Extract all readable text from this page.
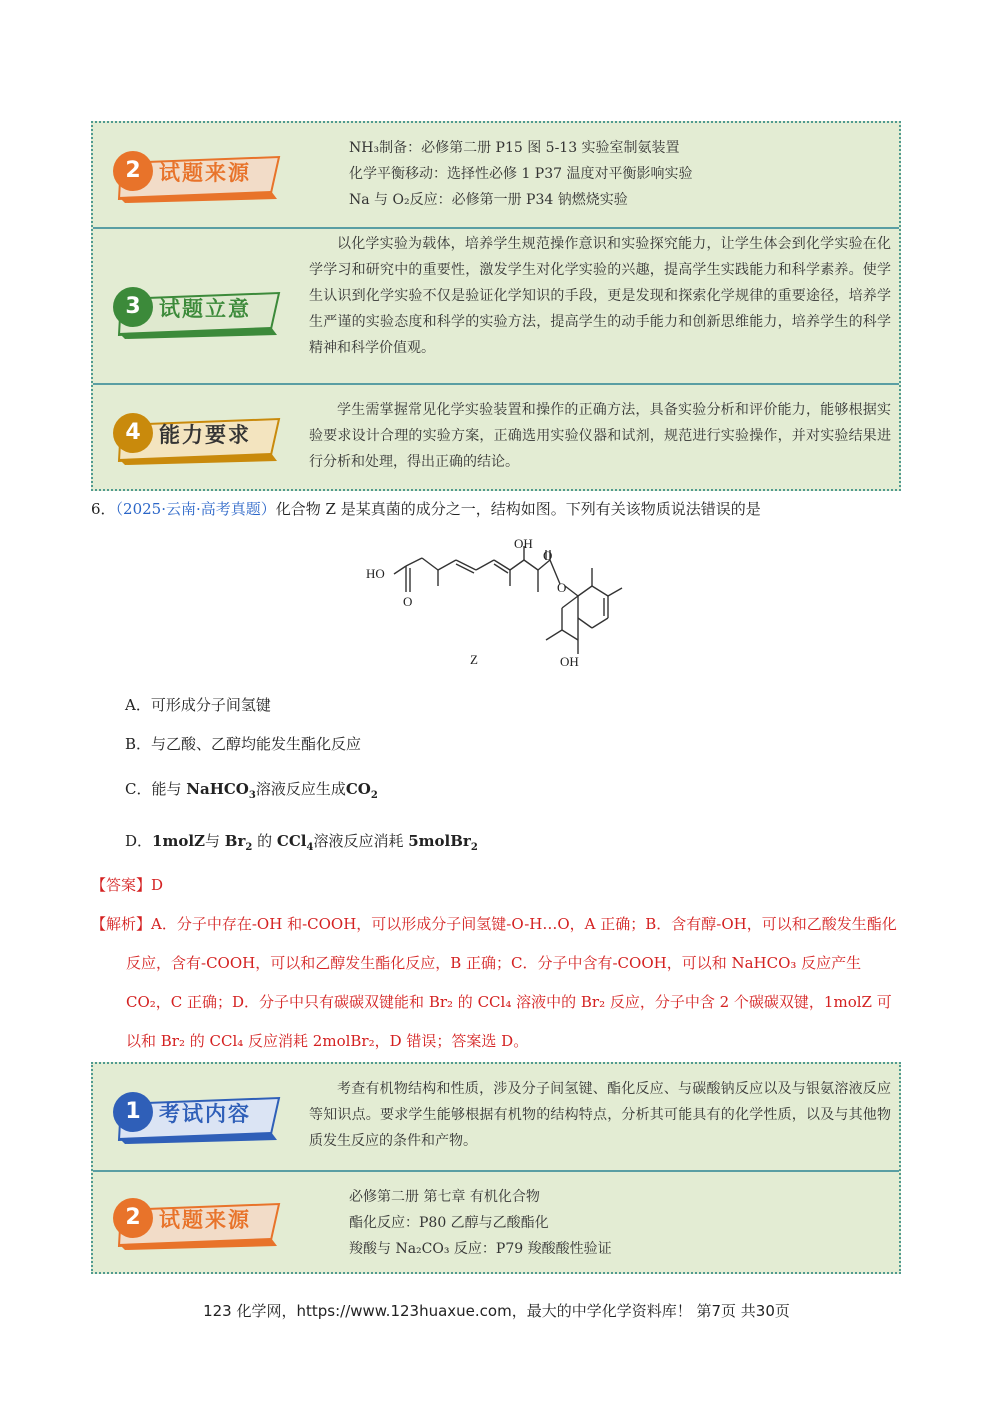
2 试题来源

NH₃制备：必修第二册 P15 图 5-13 实验室制氨装置

化学平衡移动：选择性必修 1 P37 温度对平衡影响实验

Na 与 O₂反应：必修第一册 P34 钠燃烧实验

3 试题立意

以化学实验为载体，培养学生规范操作意识和实验探究能力，让学生体会到化学实验在化学学习和研究中的重要性，激发学生对化学实验的兴趣，提高学生实践能力和科学素养。使学生认识到化学实验不仅是验证化学知识的手段，更是发现和探索化学规律的重要途径，培养学生严谨的实验态度和科学的实验方法，提高学生的动手能力和创新思维能力，培养学生的科学精神和科学价值观。

4 能力要求

学生需掌握常见化学实验装置和操作的正确方法，具备实验分析和评价能力，能够根据实验要求设计合理的实验方案，正确选用实验仪器和试剂，规范进行实验操作，并对实验结果进行分析和处理，得出正确的结论。

6．（2025·云南·高考真题）化合物 Z 是某真菌的成分之一，结构如图。下列有关该物质说法错误的是
HO
O
OH
O
O
OH
Z
A．可形成分子间氢键
B．与乙酸、乙醇均能发生酯化反应
C．能与 NaHCO$_3$溶液反应生成$CO_2$
D．1molZ与 $Br_2$ 的 CCl$_4$溶液反应消耗 5molBr$_2$
【答案】D
【解析】A．分子中存在-OH 和-COOH，可以形成分子间氢键-O-H…O，A 正确；B．含有醇-OH，可以和乙酸发生酯化反应，含有-COOH，可以和乙醇发生酯化反应，B 正确；C．分子中含有-COOH，可以和 NaHCO₃ 反应产生 CO₂，C 正确；D．分子中只有碳碳双键能和 Br₂ 的 CCl₄ 溶液中的 Br₂ 反应，分子中含 2 个碳碳双键，1molZ 可以和 Br₂ 的 CCl₄ 反应消耗 2molBr₂，D 错误；答案选 D。
1 考试内容

考查有机物结构和性质，涉及分子间氢键、酯化反应、与碳酸钠反应以及与银氨溶液反应等知识点。要求学生能够根据有机物的结构特点，分析其可能具有的化学性质，以及与其他物质发生反应的条件和产物。

2 试题来源

必修第二册 第七章 有机化合物

酯化反应：P80 乙醇与乙酸酯化

羧酸与 Na₂CO₃ 反应：P79 羧酸酸性验证

123 化学网，https://www.123huaxue.com，最大的中学化学资料库！ 第7页 共30页
